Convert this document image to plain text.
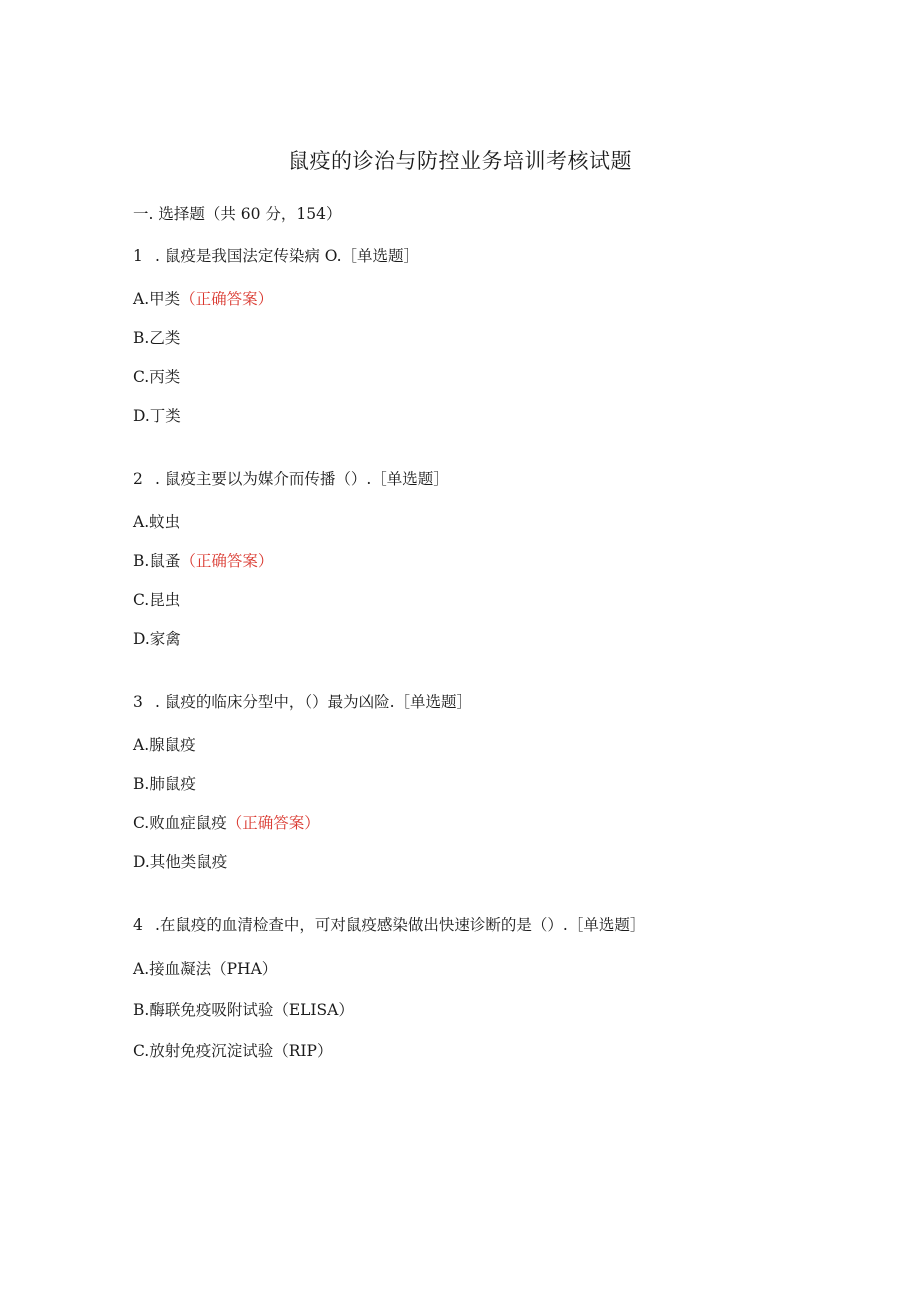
鼠疫的诊治与防控业务培训考核试题
一. 选择题（共 60 分，154）
1 . 鼠疫是我国法定传染病 O.［单选题］
A.甲类（正确答案）
B.乙类
C.丙类
D.丁类
2 . 鼠疫主要以为媒介而传播（）.［单选题］
A.蚊虫
B.鼠蚤（正确答案）
C.昆虫
D.家禽
3 . 鼠疫的临床分型中，（）最为凶险.［单选题］
A.腺鼠疫
B.肺鼠疫
C.败血症鼠疫（正确答案）
D.其他类鼠疫
4 .在鼠疫的血清检查中，可对鼠疫感染做出快速诊断的是（）.［单选题］
A.接血凝法（PHA）
B.酶联免疫吸附试验（ELISA）
C.放射免疫沉淀试验（RIP）
